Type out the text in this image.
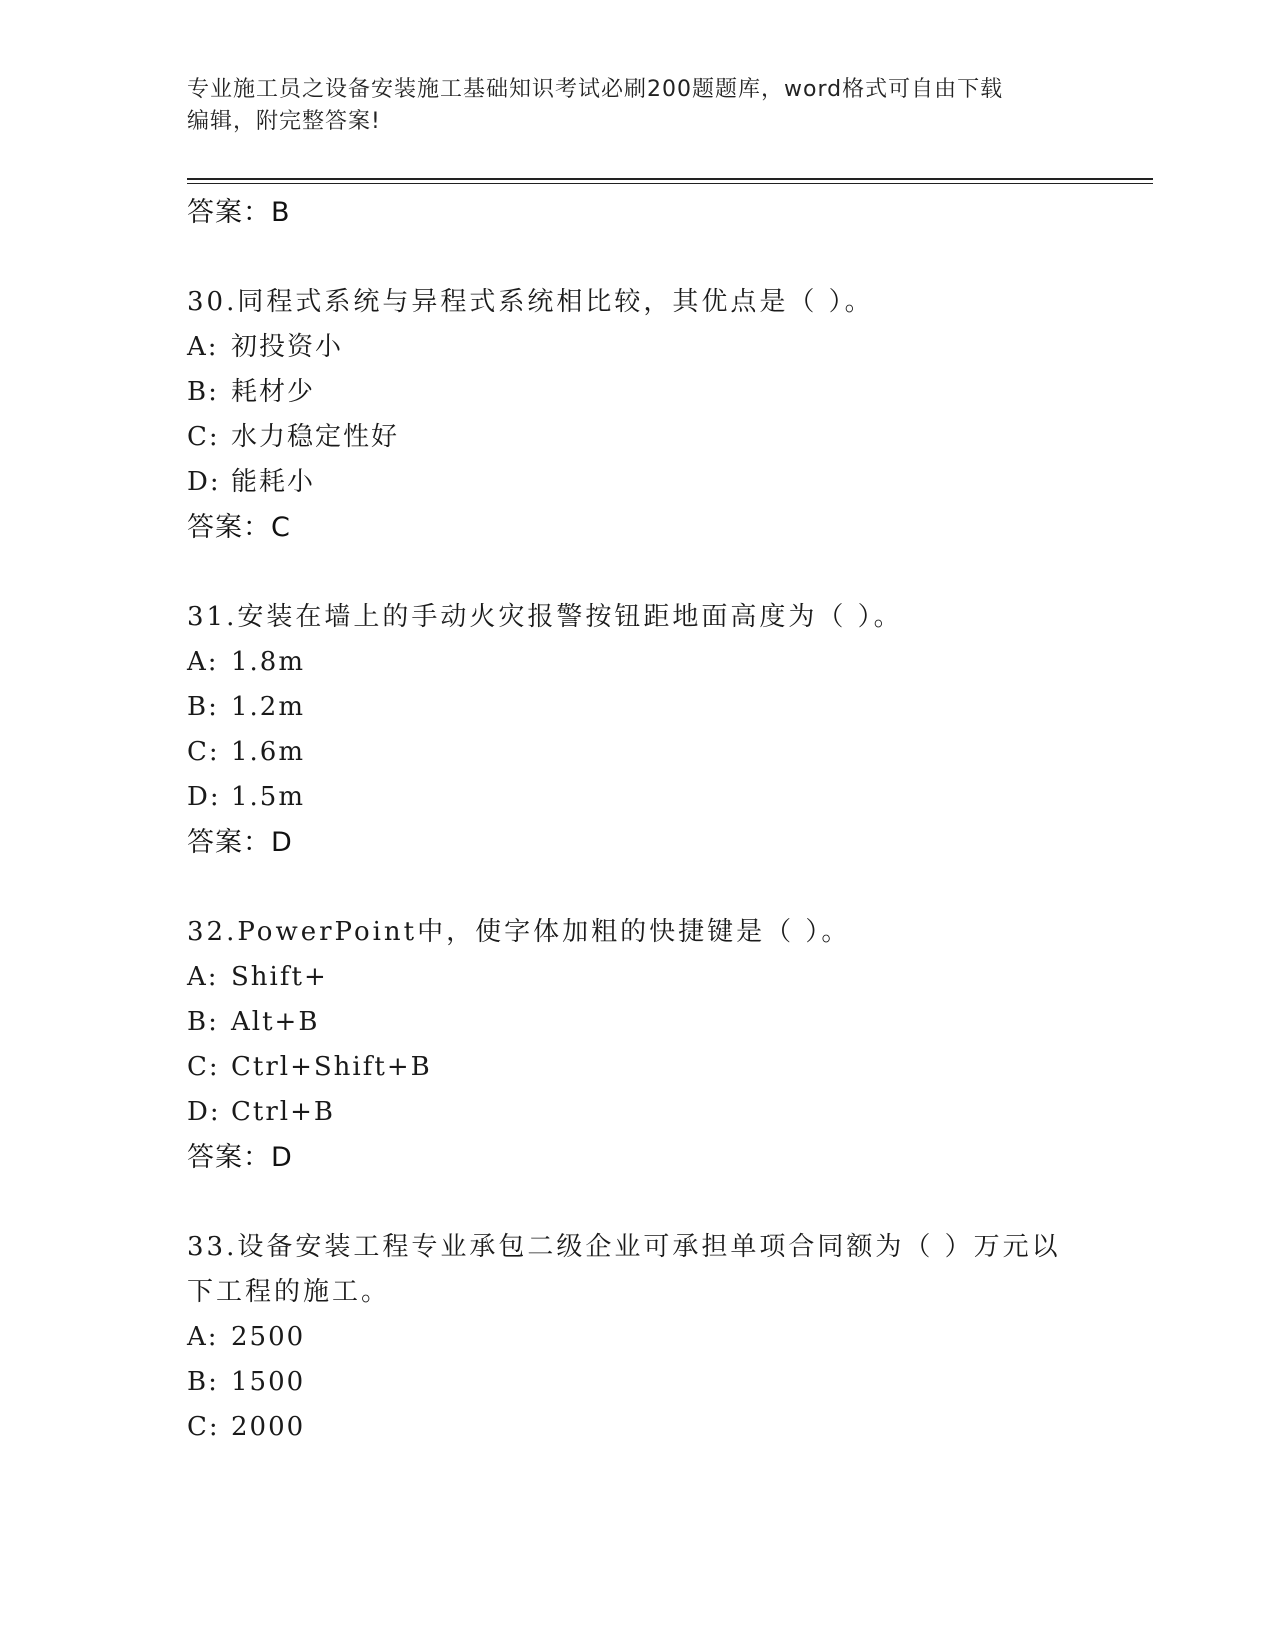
专业施工员之设备安装施工基础知识考试必刷200题题库，word格式可自由下载
编辑，附完整答案!
答案：B
30.同程式系统与异程式系统相比较，其优点是（ ）。
A: 初投资小
B: 耗材少
C: 水力稳定性好
D: 能耗小
答案：C
31.安装在墙上的手动火灾报警按钮距地面高度为（ ）。
A: 1.8m
B: 1.2m
C: 1.6m
D: 1.5m
答案：D
32.PowerPoint中，使字体加粗的快捷键是（ ）。
A: Shift+
B: Alt+B
C: Ctrl+Shift+B
D: Ctrl+B
答案：D
33.设备安装工程专业承包二级企业可承担单项合同额为（ ）万元以下工程的施工。
A: 2500
B: 1500
C: 2000
